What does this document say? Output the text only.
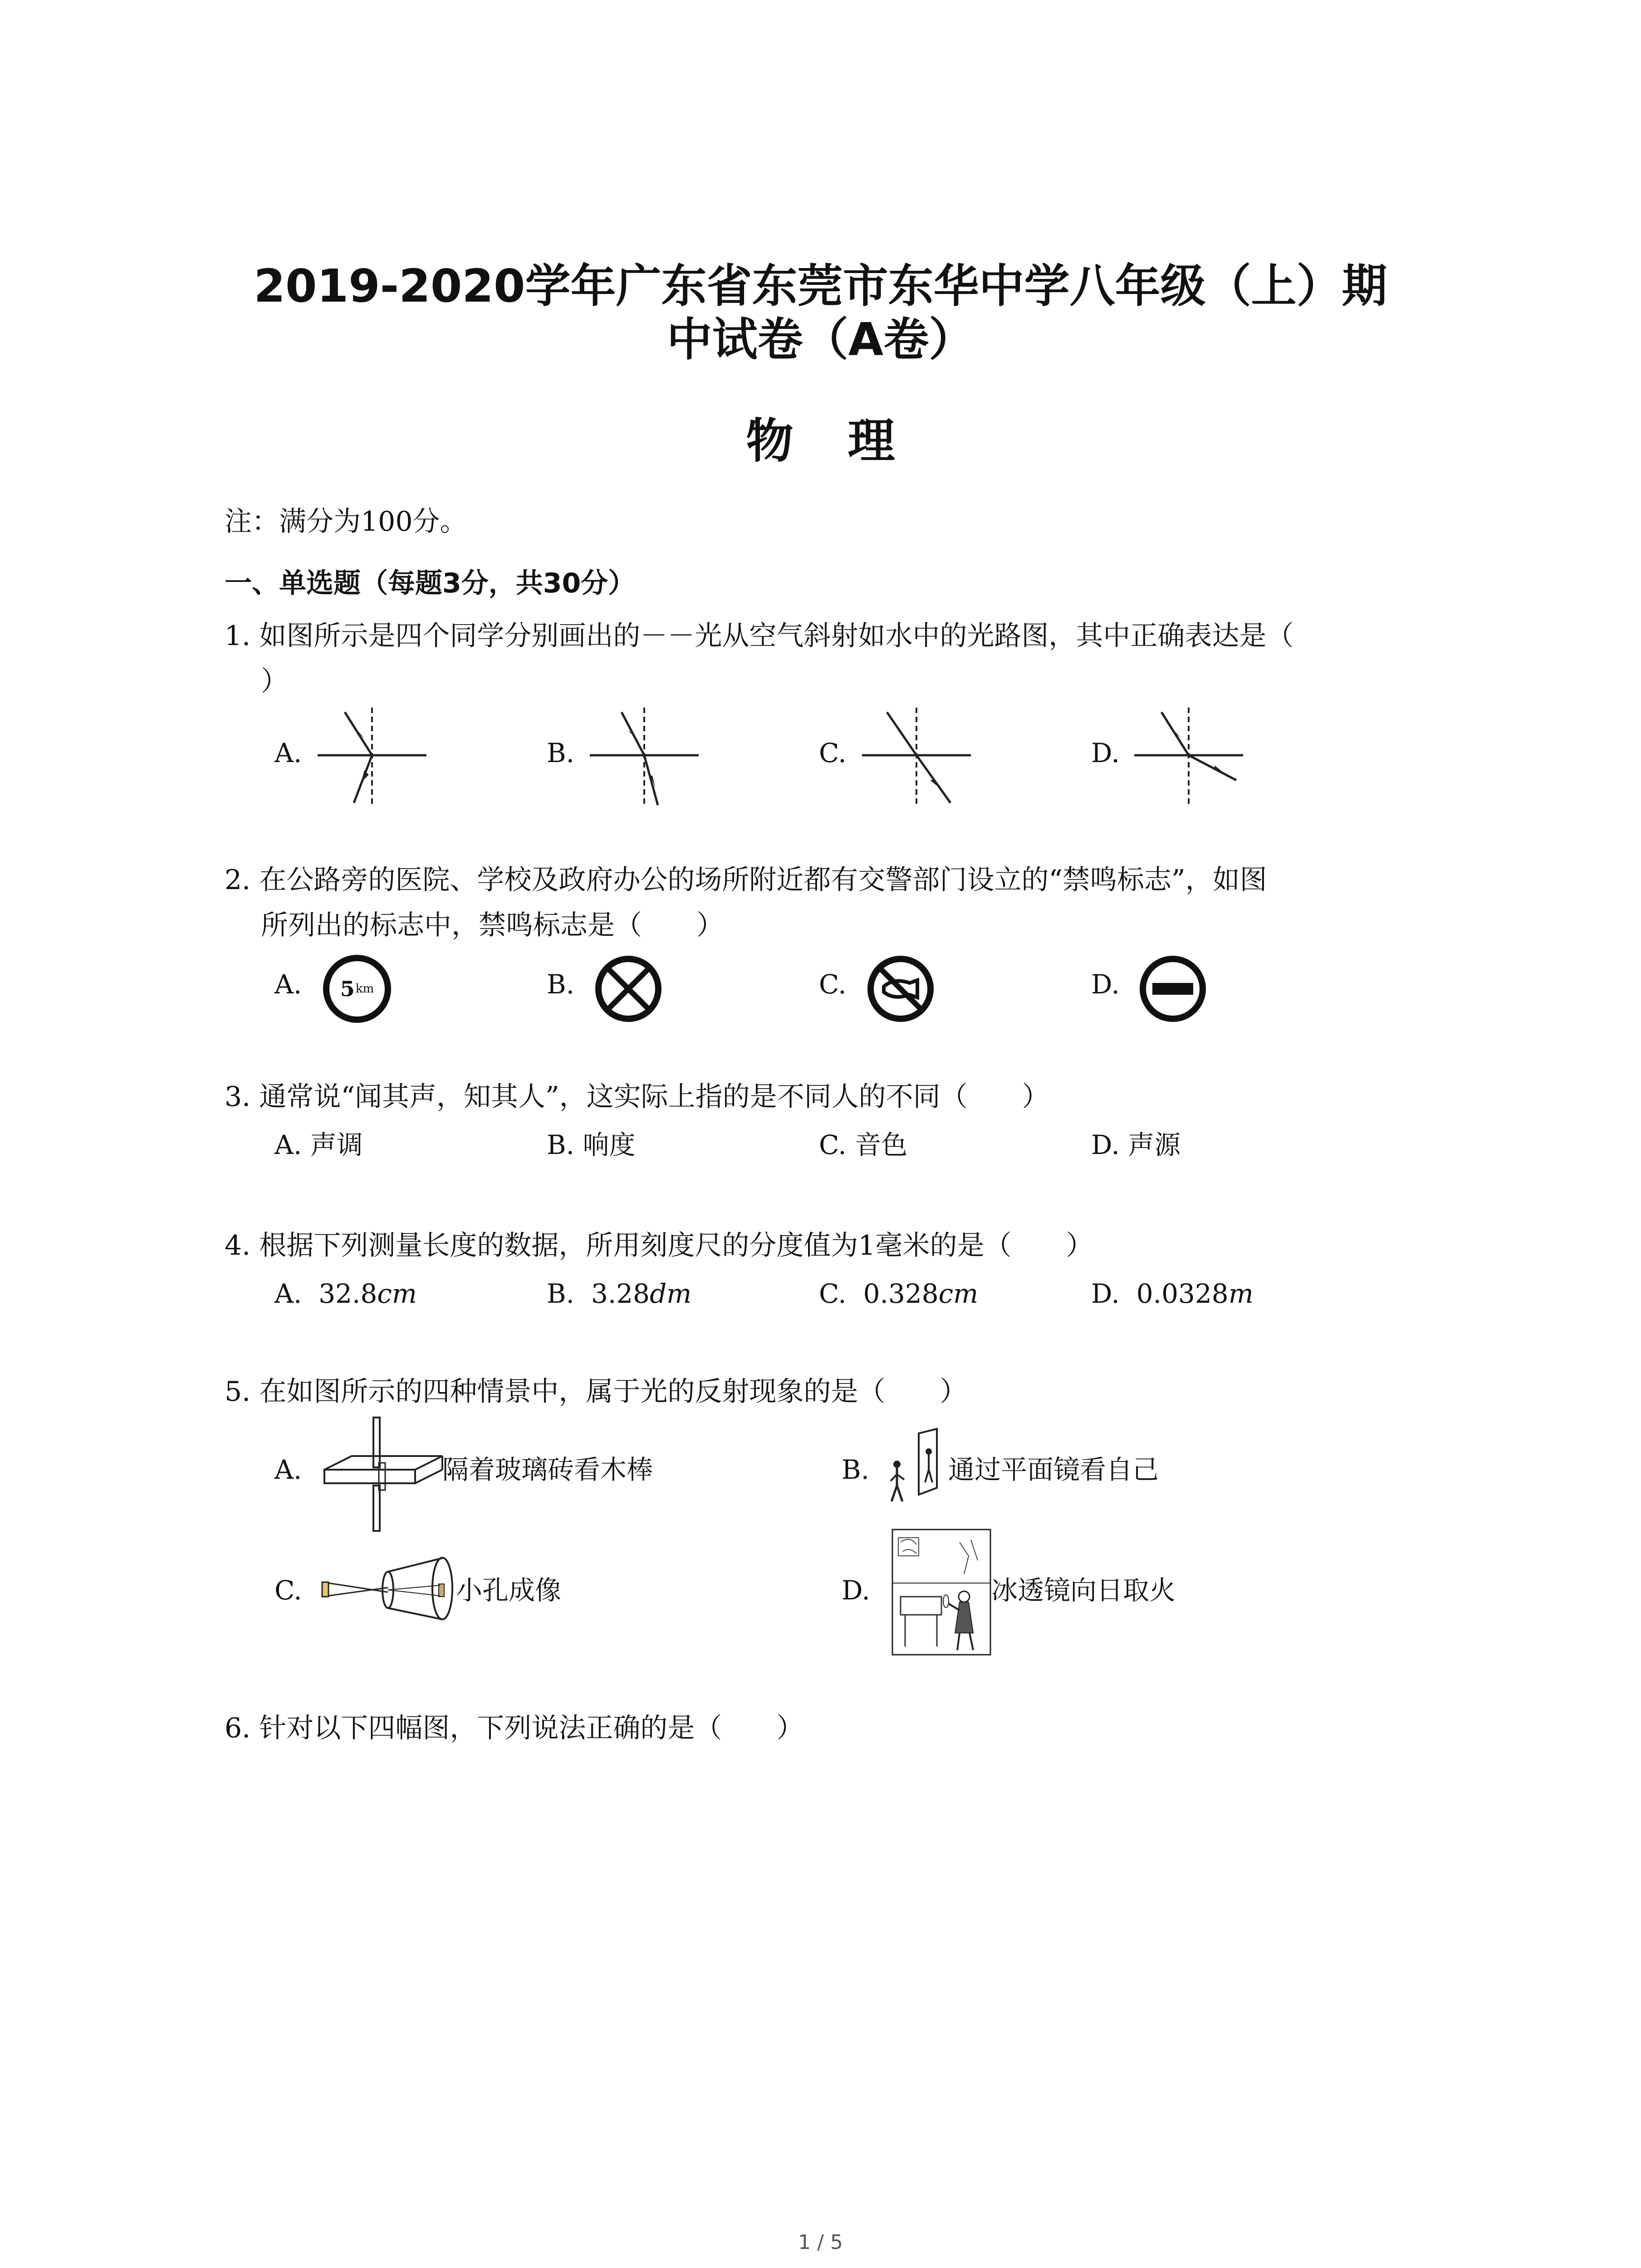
2019-2020学年广东省东莞市东华中学八年级（上）期
中试卷（A卷）
物理
注：满分为100分。
一、单选题（每题3分，共30分）
1. 如图所示是四个同学分别画出的－－光从空气斜射如水中的光路图，其中正确表达是（
）
A.	B.	C.	D.
2. 在公路旁的医院、学校及政府办公的场所附近都有交警部门设立的“禁鸣标志”，如图
所列出的标志中，禁鸣标志是（　　）
A. 5 km	B.	C.	D.
3. 通常说“闻其声，知其人”，这实际上指的是不同人的不同（　　）
A. 声调	B. 响度	C. 音色	D. 声源
4. 根据下列测量长度的数据，所用刻度尺的分度值为1毫米的是（　　）
A. 32.8cm	B. 3.28dm	C. 0.328cm	D. 0.0328m
5. 在如图所示的四种情景中，属于光的反射现象的是（　　）
A.	隔着玻璃砖看木棒	B.	通过平面镜看自己
C.	小孔成像	D.	冰透镜向日取火
6. 针对以下四幅图，下列说法正确的是（　　）
1 / 5
